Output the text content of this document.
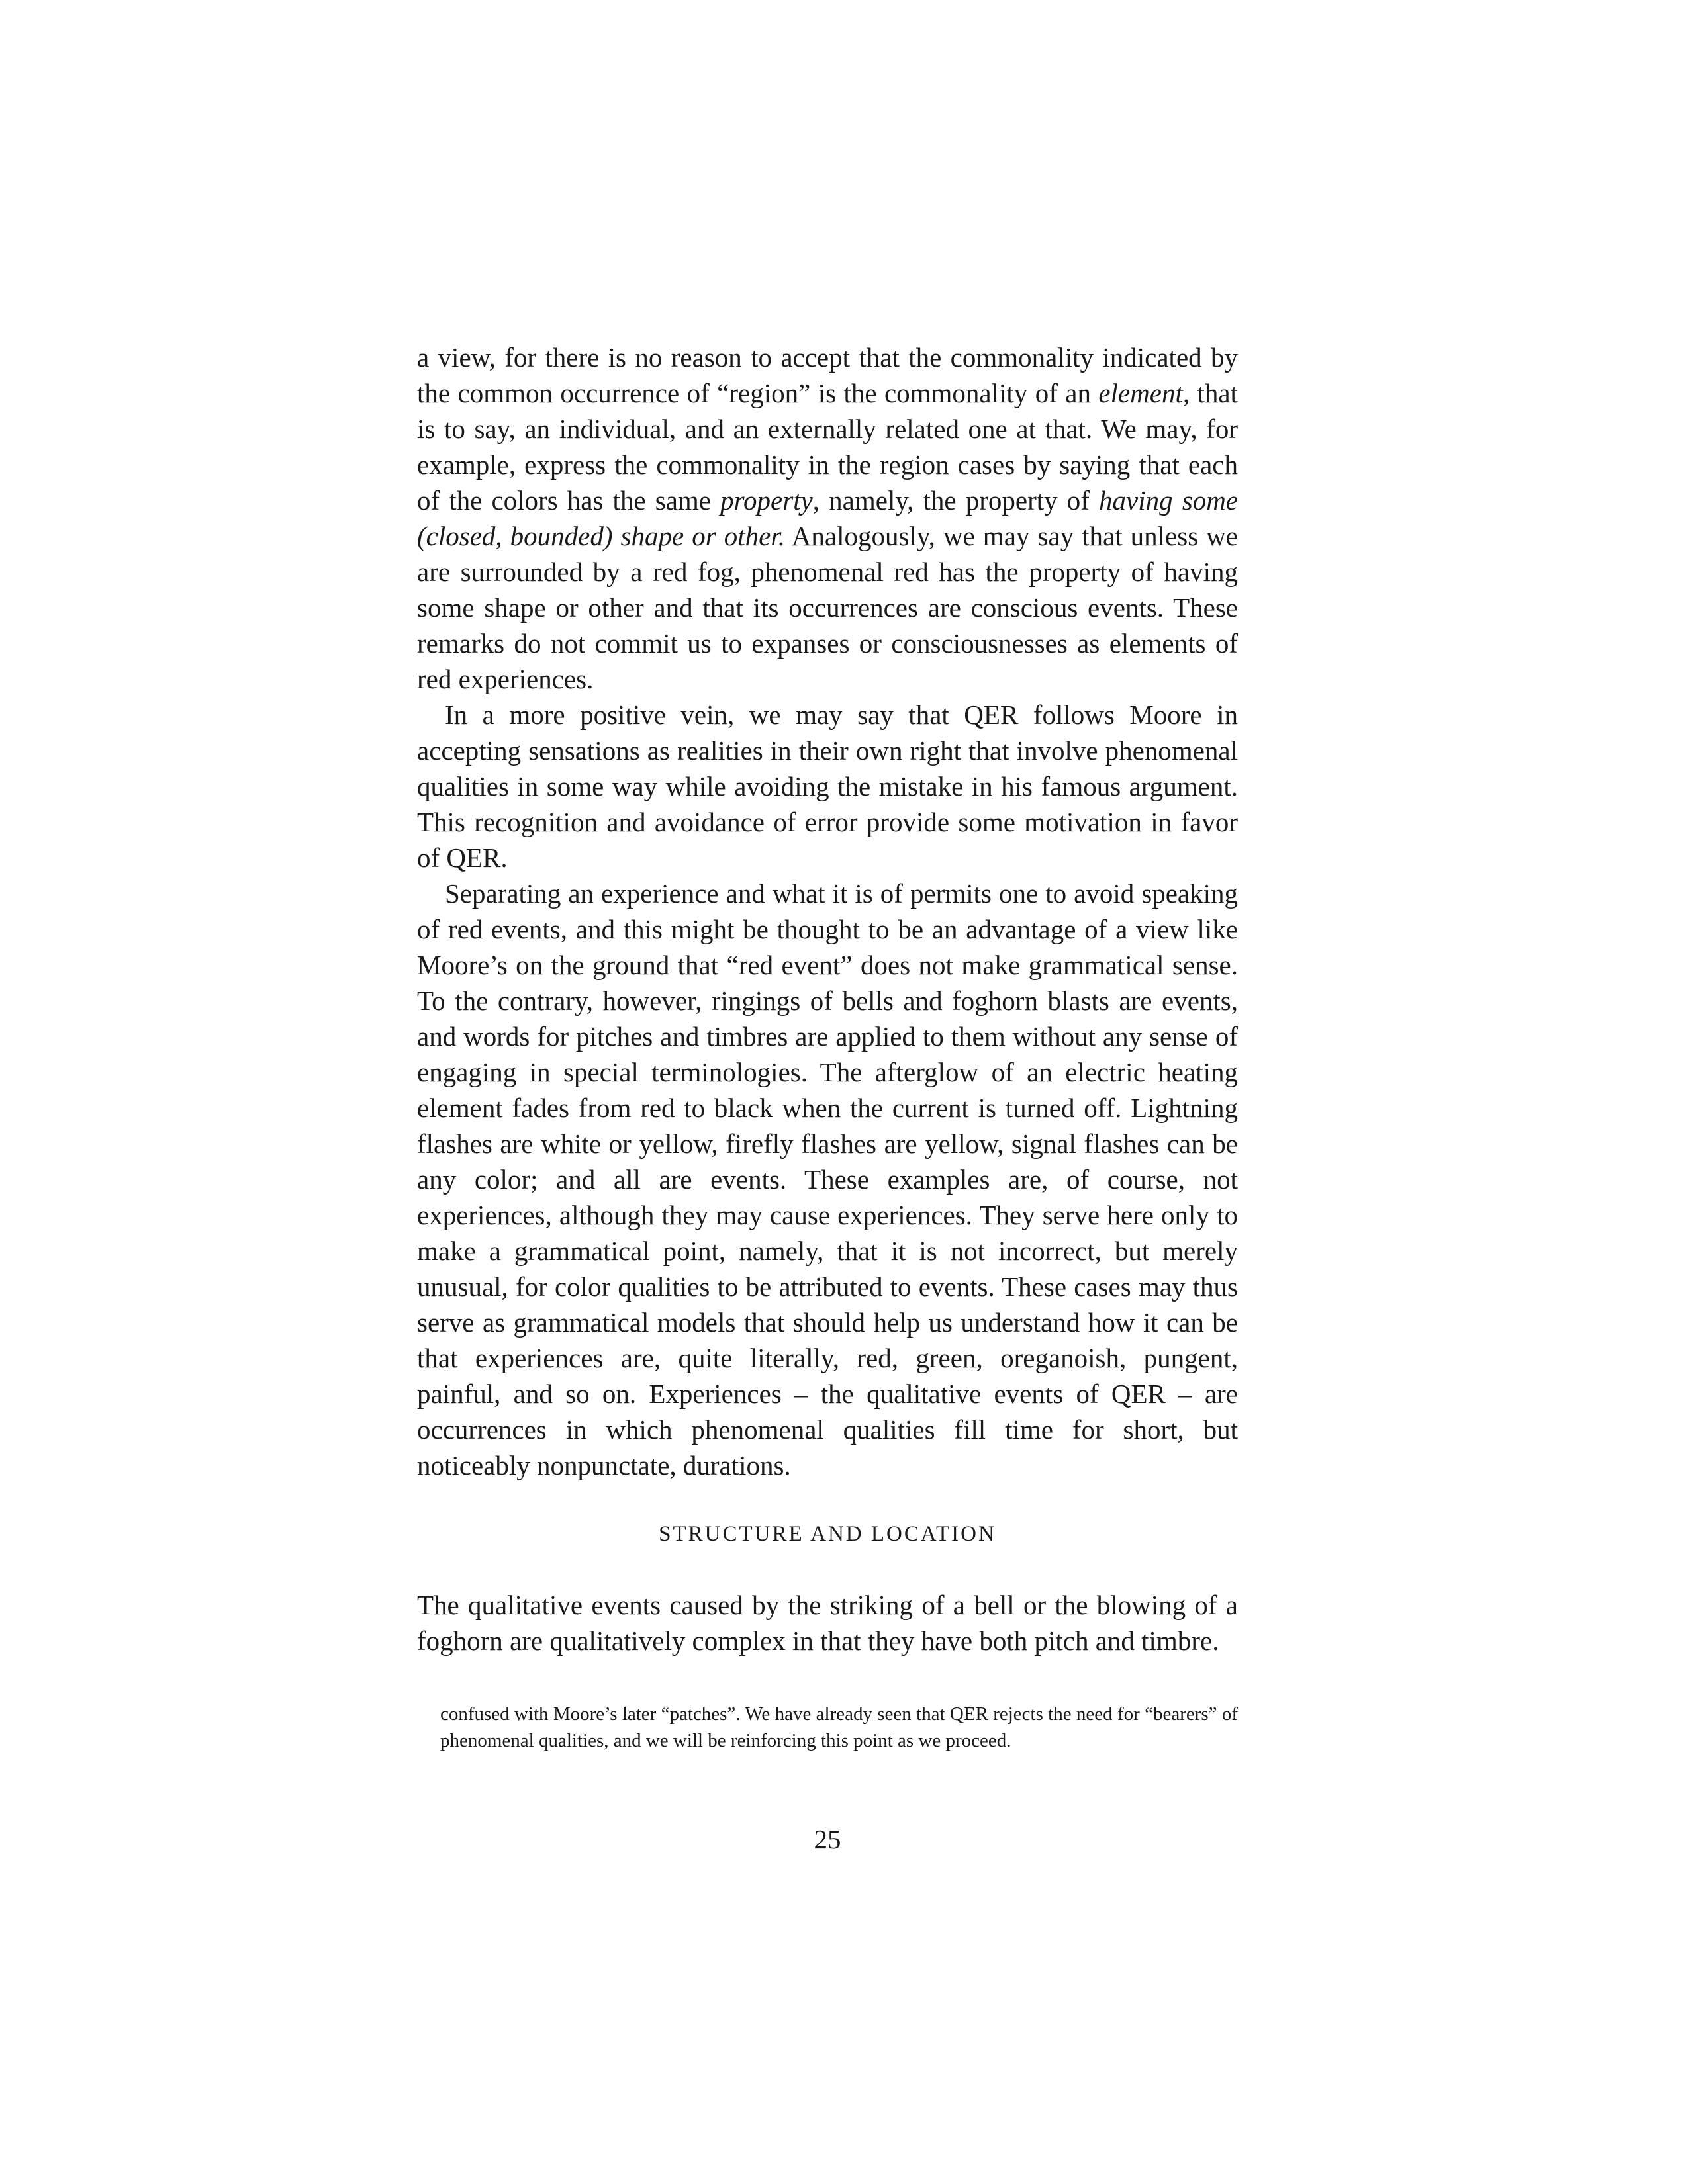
a view, for there is no reason to accept that the commonality indicated by the common occurrence of “region” is the commonality of an element, that is to say, an individual, and an externally related one at that. We may, for example, express the commonality in the region cases by saying that each of the colors has the same property, namely, the property of having some (closed, bounded) shape or other. Analogously, we may say that unless we are surrounded by a red fog, phenomenal red has the property of having some shape or other and that its occurrences are conscious events. These remarks do not commit us to expanses or consciousnesses as elements of red experiences.

In a more positive vein, we may say that QER follows Moore in accepting sensations as realities in their own right that involve phenomenal qualities in some way while avoiding the mistake in his famous argument. This recognition and avoidance of error provide some motivation in favor of QER.

Separating an experience and what it is of permits one to avoid speaking of red events, and this might be thought to be an advantage of a view like Moore’s on the ground that “red event” does not make grammatical sense. To the contrary, however, ringings of bells and foghorn blasts are events, and words for pitches and timbres are applied to them without any sense of engaging in special terminologies. The afterglow of an electric heating element fades from red to black when the current is turned off. Lightning flashes are white or yellow, firefly flashes are yellow, signal flashes can be any color; and all are events. These examples are, of course, not experiences, although they may cause experiences. They serve here only to make a grammatical point, namely, that it is not incorrect, but merely unusual, for color qualities to be attributed to events. These cases may thus serve as grammatical models that should help us understand how it can be that experiences are, quite literally, red, green, oreganoish, pungent, painful, and so on. Experiences – the qualitative events of QER – are occurrences in which phenomenal qualities fill time for short, but noticeably nonpunctate, durations.

STRUCTURE AND LOCATION

The qualitative events caused by the striking of a bell or the blowing of a foghorn are qualitatively complex in that they have both pitch and timbre.

confused with Moore’s later “patches”. We have already seen that QER rejects the need for “bearers” of phenomenal qualities, and we will be reinforcing this point as we proceed.
25
